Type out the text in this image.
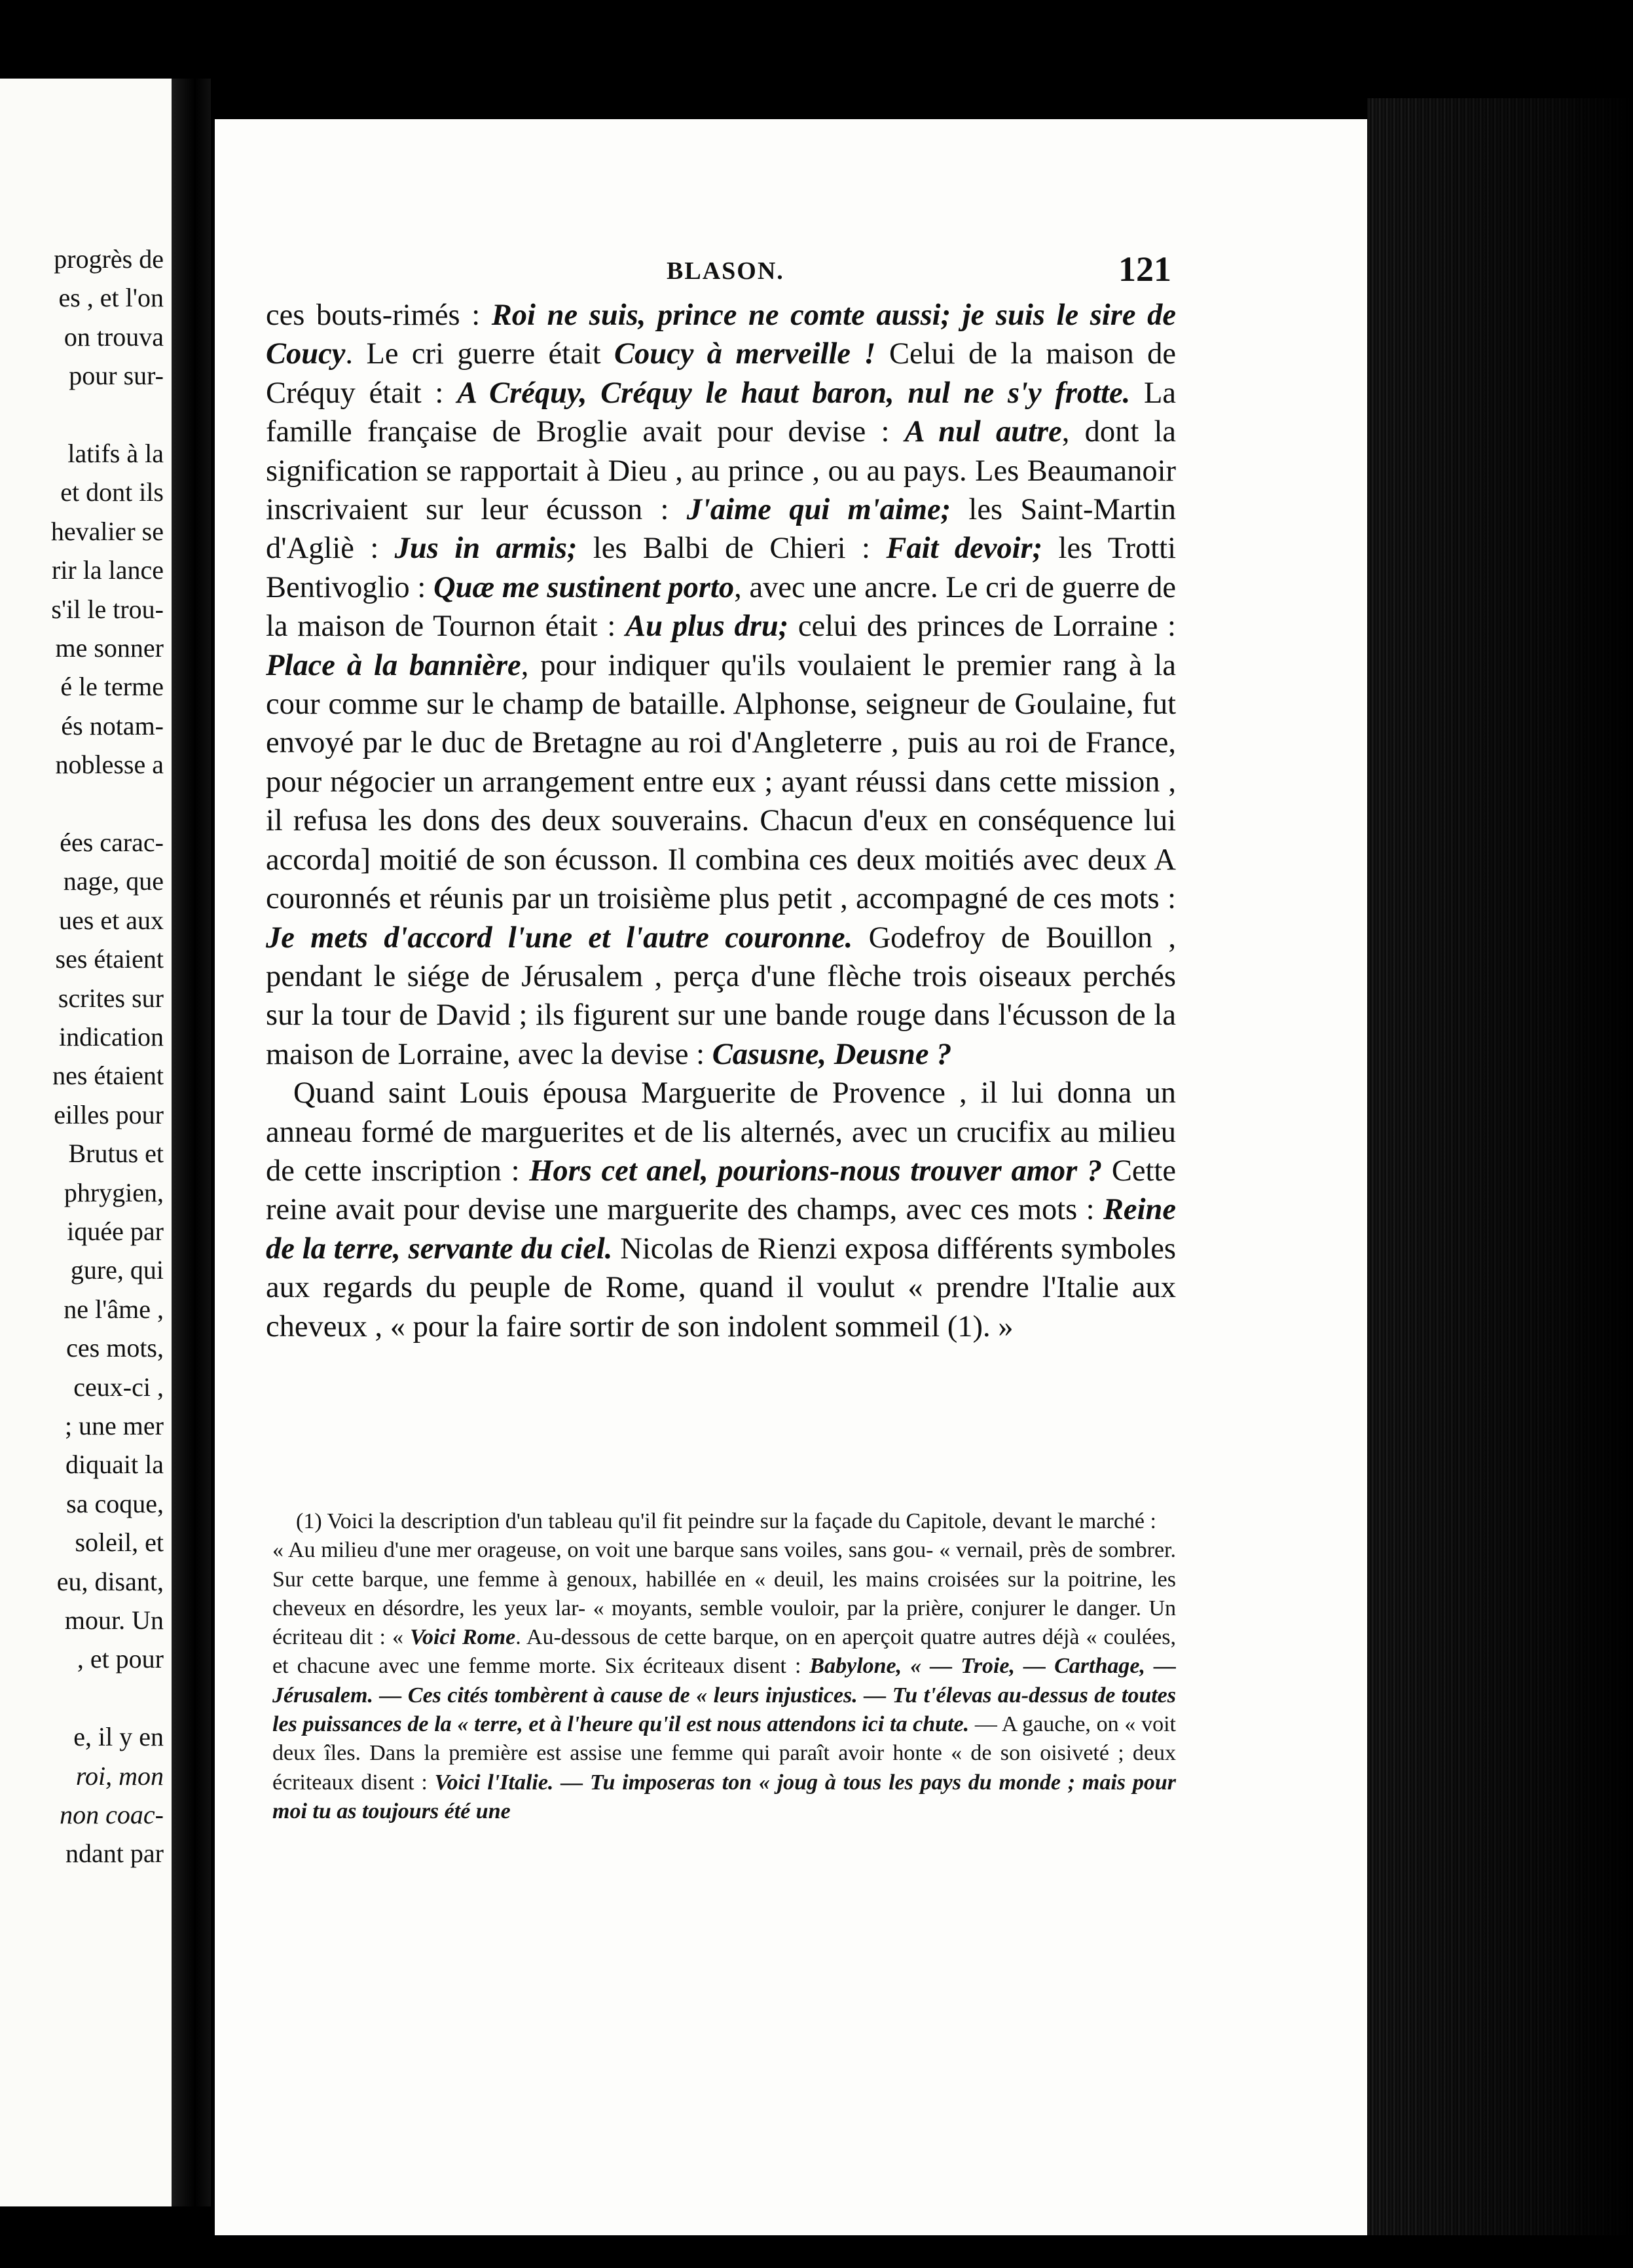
progrès de
es , et l'on
on trouva
pour sur-
latifs à la
et dont ils
hevalier se
rir la lance
s'il le trou-
me sonner
é le terme
és notam-
noblesse a
ées carac-
nage, que
ues et aux
ses étaient
scrites sur
indication
nes étaient
eilles pour
Brutus et
phrygien,
iquée par
gure, qui
ne l'âme ,
ces mots,
ceux-ci ,
; une mer
diquait la
sa coque,
soleil, et
eu, disant,
mour. Un
, et pour
e, il y en
roi, mon
non coac-
ndant par
BLASON.	121

ces bouts-rimés : Roi ne suis, prince ne comte aussi; je suis le sire de Coucy. Le cri guerre était Coucy à merveille ! Celui de la maison de Créquy était : A Créquy, Créquy le haut baron, nul ne s'y frotte. La famille française de Broglie avait pour devise : A nul autre, dont la signification se rapportait à Dieu , au prince , ou au pays. Les Beaumanoir inscrivaient sur leur écusson : J'aime qui m'aime; les Saint-Martin d'Agliè : Jus in armis; les Balbi de Chieri : Fait devoir; les Trotti Bentivoglio : Quæ me sustinent porto, avec une ancre. Le cri de guerre de la maison de Tournon était : Au plus dru; celui des princes de Lorraine : Place à la bannière, pour indiquer qu'ils voulaient le premier rang à la cour comme sur le champ de bataille. Alphonse, seigneur de Goulaine, fut envoyé par le duc de Bretagne au roi d'Angleterre , puis au roi de France, pour négocier un arrangement entre eux ; ayant réussi dans cette mission , il refusa les dons des deux souverains. Chacun d'eux en conséquence lui accorda] moitié de son écusson. Il combina ces deux moitiés avec deux A couronnés et réunis par un troisième plus petit , accompagné de ces mots : Je mets d'accord l'une et l'autre couronne. Godefroy de Bouillon , pendant le siége de Jérusalem , perça d'une flèche trois oiseaux perchés sur la tour de David ; ils figurent sur une bande rouge dans l'écusson de la maison de Lorraine, avec la devise : Casusne, Deusne ?

Quand saint Louis épousa Marguerite de Provence , il lui donna un anneau formé de marguerites et de lis alternés, avec un crucifix au milieu de cette inscription : Hors cet anel, pourions-nous trouver amor ? Cette reine avait pour devise une marguerite des champs, avec ces mots : Reine de la terre, servante du ciel. Nicolas de Rienzi exposa différents symboles aux regards du peuple de Rome, quand il voulut « prendre l'Italie aux cheveux , « pour la faire sortir de son indolent sommeil (1). »

(1) Voici la description d'un tableau qu'il fit peindre sur la façade du Capitole, devant le marché :

« Au milieu d'une mer orageuse, on voit une barque sans voiles, sans gou- « vernail, près de sombrer. Sur cette barque, une femme à genoux, habillée en « deuil, les mains croisées sur la poitrine, les cheveux en désordre, les yeux lar- « moyants, semble vouloir, par la prière, conjurer le danger. Un écriteau dit : « Voici Rome. Au-dessous de cette barque, on en aperçoit quatre autres déjà « coulées, et chacune avec une femme morte. Six écriteaux disent : Babylone, « — Troie, — Carthage, — Jérusalem. — Ces cités tombèrent à cause de « leurs injustices. — Tu t'élevas au-dessus de toutes les puissances de la « terre, et à l'heure qu'il est nous attendons ici ta chute. — A gauche, on « voit deux îles. Dans la première est assise une femme qui paraît avoir honte « de son oisiveté ; deux écriteaux disent : Voici l'Italie. — Tu imposeras ton « joug à tous les pays du monde ; mais pour moi tu as toujours été une
